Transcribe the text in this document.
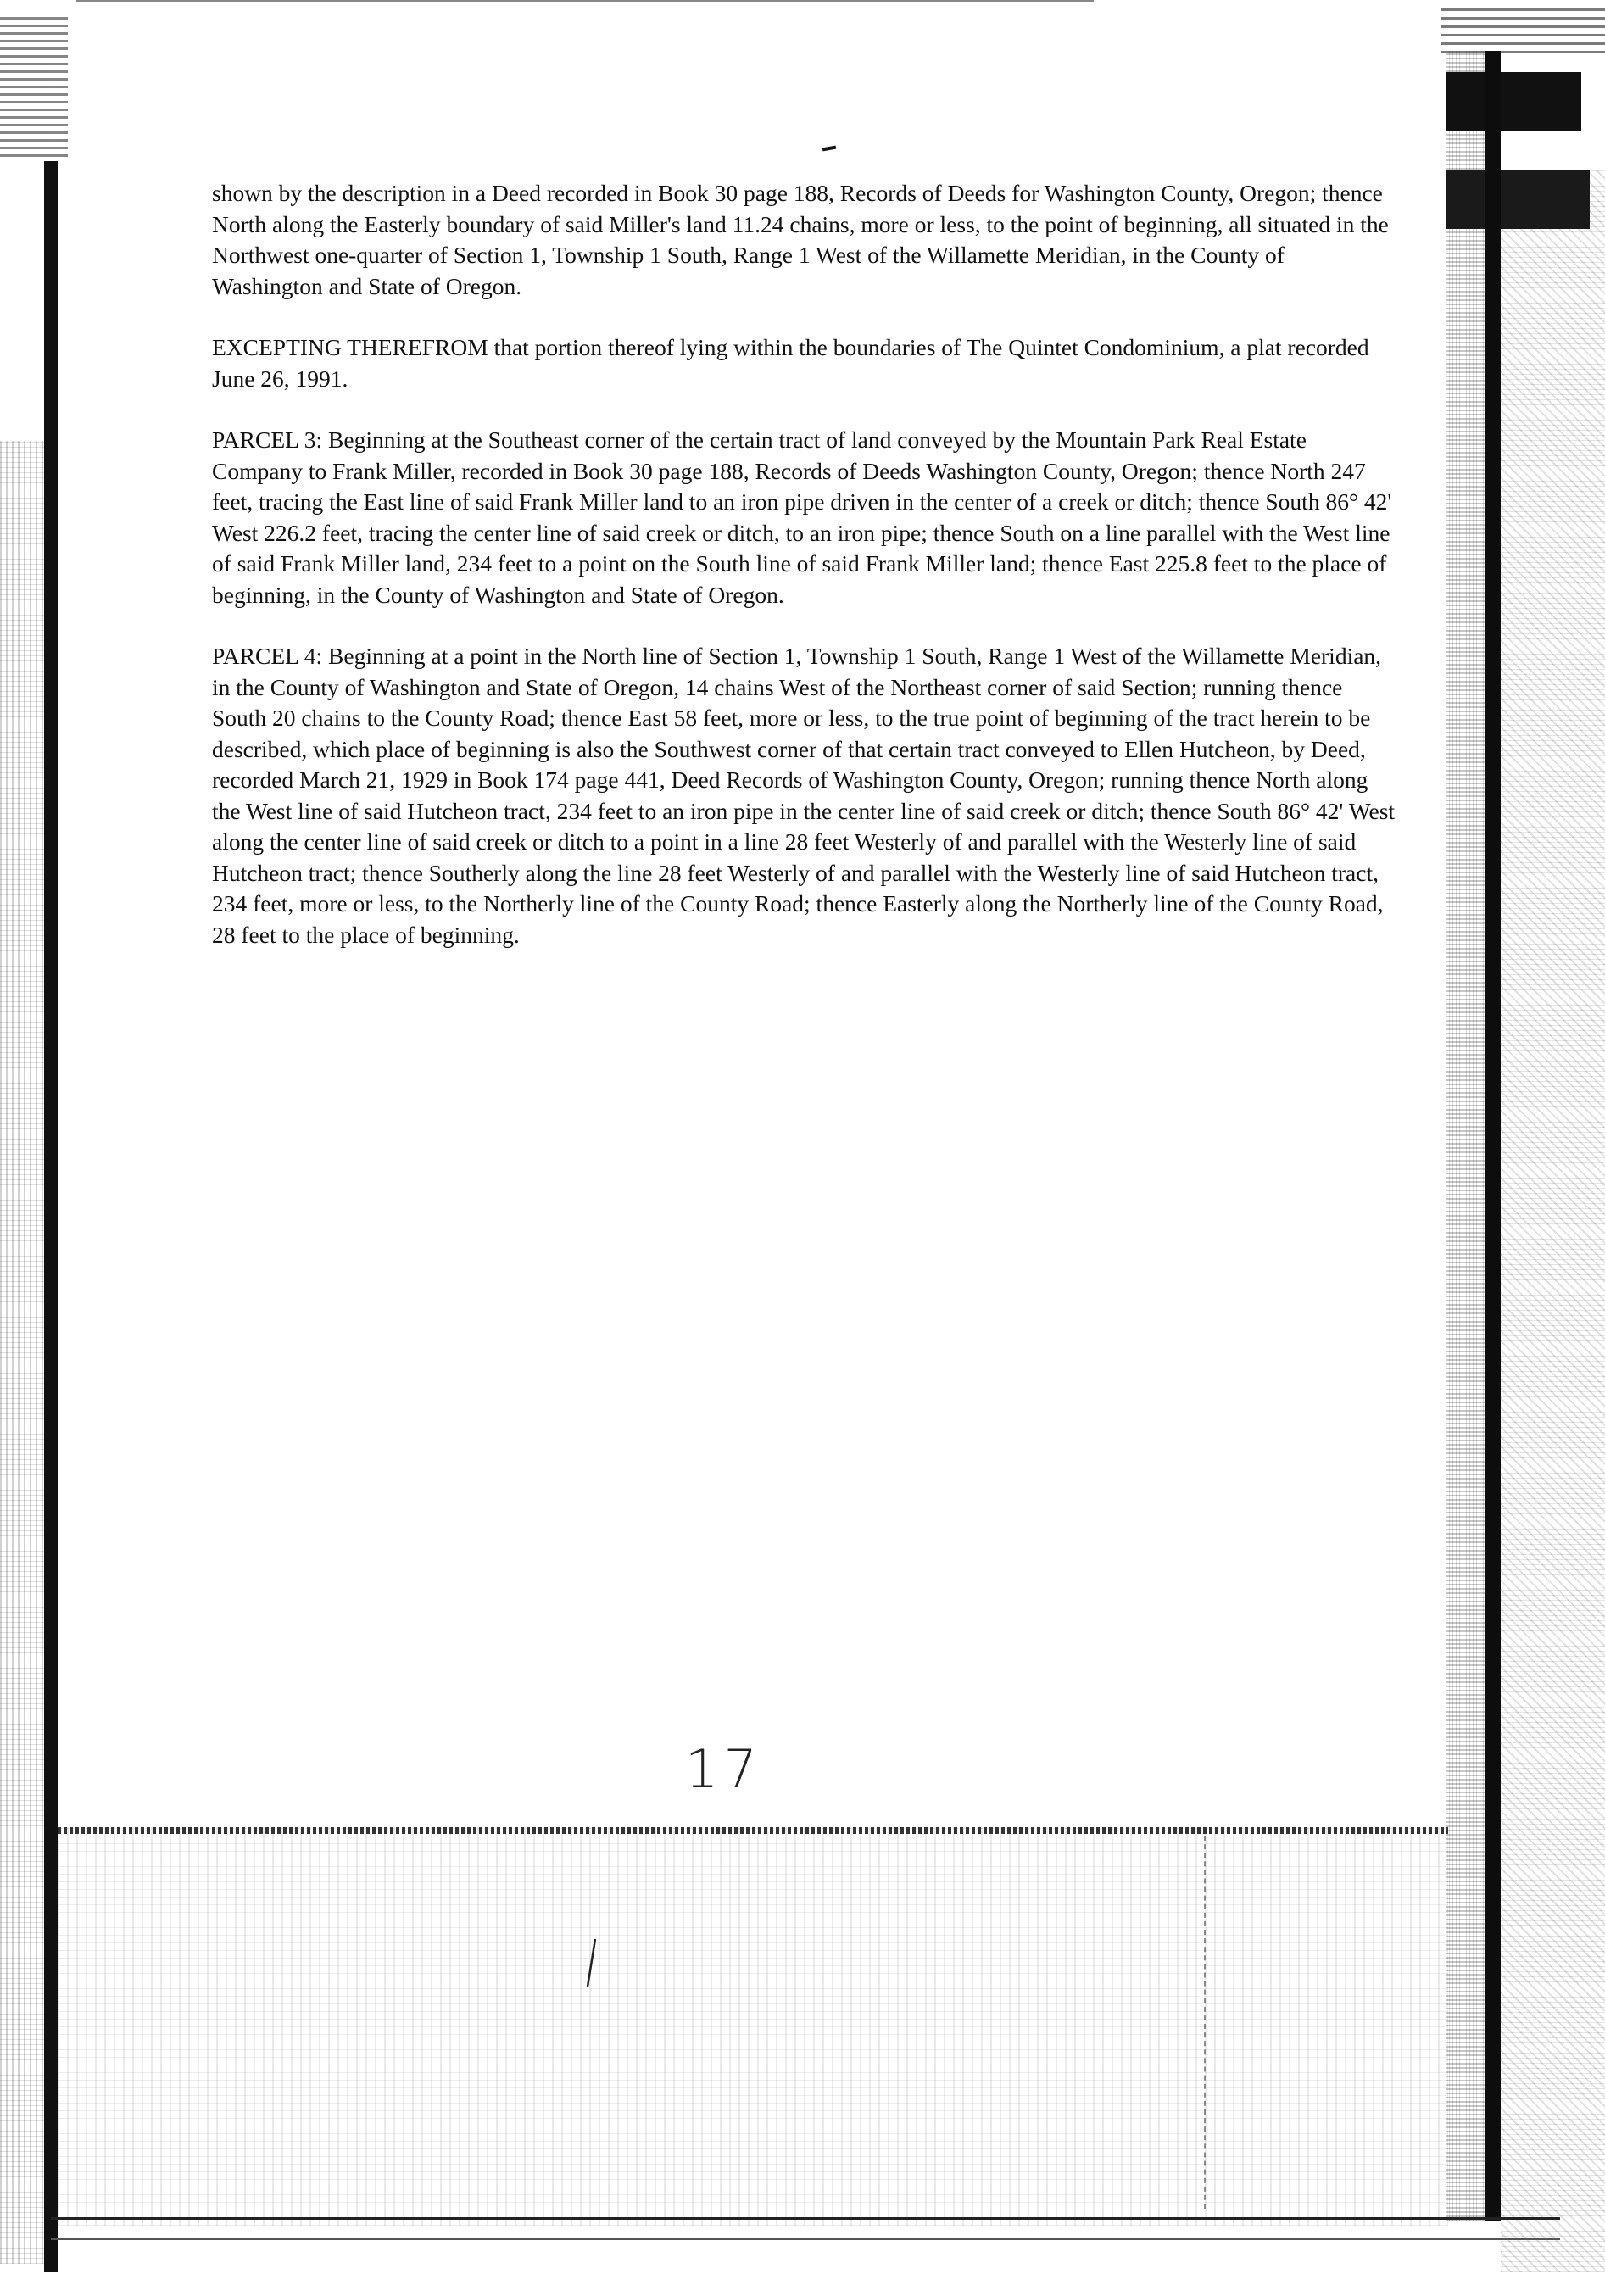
shown by the description in a Deed recorded in Book 30 page 188, Records of Deeds for Washington County, Oregon; thence North along the Easterly boundary of said Miller's land 11.24 chains, more or less, to the point of beginning, all situated in the Northwest one-quarter of Section 1, Township 1 South, Range 1 West of the Willamette Meridian, in the County of Washington and State of Oregon.

EXCEPTING THEREFROM that portion thereof lying within the boundaries of The Quintet Condominium, a plat recorded June 26, 1991.

PARCEL 3: Beginning at the Southeast corner of the certain tract of land conveyed by the Mountain Park Real Estate Company to Frank Miller, recorded in Book 30 page 188, Records of Deeds Washington County, Oregon; thence North 247 feet, tracing the East line of said Frank Miller land to an iron pipe driven in the center of a creek or ditch; thence South 86° 42' West 226.2 feet, tracing the center line of said creek or ditch, to an iron pipe; thence South on a line parallel with the West line of said Frank Miller land, 234 feet to a point on the South line of said Frank Miller land; thence East 225.8 feet to the place of beginning, in the County of Washington and State of Oregon.

PARCEL 4: Beginning at a point in the North line of Section 1, Township 1 South, Range 1 West of the Willamette Meridian, in the County of Washington and State of Oregon, 14 chains West of the Northeast corner of said Section; running thence South 20 chains to the County Road; thence East 58 feet, more or less, to the true point of beginning of the tract herein to be described, which place of beginning is also the Southwest corner of that certain tract conveyed to Ellen Hutcheon, by Deed, recorded March 21, 1929 in Book 174 page 441, Deed Records of Washington County, Oregon; running thence North along the West line of said Hutcheon tract, 234 feet to an iron pipe in the center line of said creek or ditch; thence South 86° 42' West along the center line of said creek or ditch to a point in a line 28 feet Westerly of and parallel with the Westerly line of said Hutcheon tract; thence Southerly along the line 28 feet Westerly of and parallel with the Westerly line of said Hutcheon tract, 234 feet, more or less, to the Northerly line of the County Road; thence Easterly along the Northerly line of the County Road, 28 feet to the place of beginning.

17
